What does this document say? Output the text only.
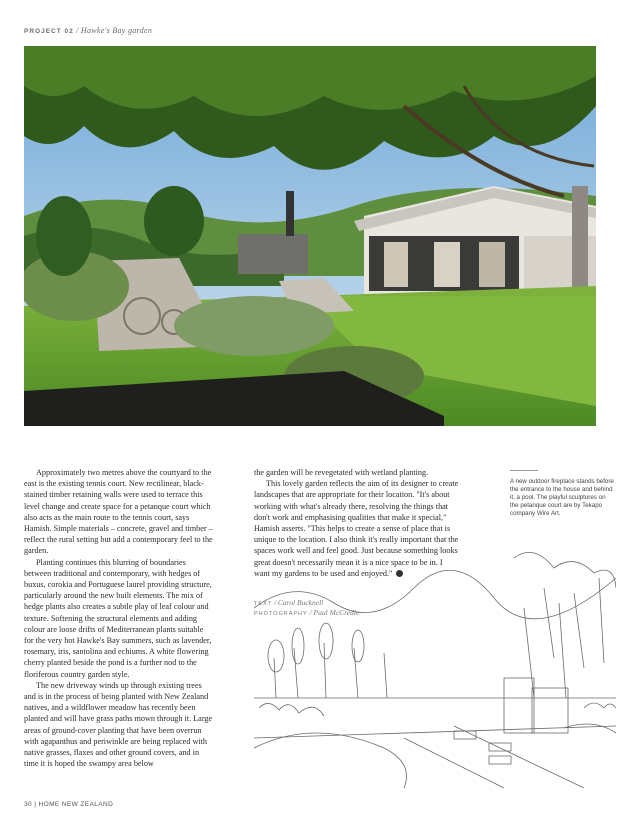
PROJECT 02 / Hawke's Bay garden

Approximately two metres above the courtyard to the east is the existing tennis court. New rectilinear, black-stained timber retaining walls were used to terrace this level change and create space for a petanque court which also acts as the main route to the tennis court, says Hamish. Simple materials – concrete, gravel and timber – reflect the rural setting but add a contemporary feel to the garden.

Planting continues this blurring of boundaries between traditional and contemporary, with hedges of buxus, corokia and Portuguese laurel providing structure, particularly around the new built elements. The mix of hedge plants also creates a subtle play of leaf colour and texture. Softening the structural elements and adding colour are loose drifts of Mediterranean plants suitable for the very hot Hawke's Bay summers, such as lavender, rosemary, iris, santolina and echiums. A white flowering cherry planted beside the pond is a further nod to the floriferous country garden style.

The new driveway winds up through existing trees and is in the process of being planted with New Zealand natives, and a wildflower meadow has recently been planted and will have grass paths mown through it. Large areas of ground-cover planting that have been overrun with agapanthus and periwinkle are being replaced with native grasses, flaxes and other ground covers, and in time it is hoped the swampy area below

the garden will be revegetated with wetland planting.

This lovely garden reflects the aim of its designer to create landscapes that are appropriate for their location. "It's about working with what's already there, resolving the things that don't work and emphasising qualities that make it special," Hamish asserts. "This helps to create a sense of place that is unique to the location. I also think it's really important that the spaces work well and feel good. Just because something looks great doesn't necessarily mean it is a nice space to be in. I want my gardens to be used and enjoyed."

TEXT / Carol Bucknell
PHOTOGRAPHY / Paul McCredie
A new outdoor fireplace stands before the entrance to the house and behind it, a pool. The playful sculptures on the petanque court are by Tekapo company Wire Art.
30 | HOME NEW ZEALAND
